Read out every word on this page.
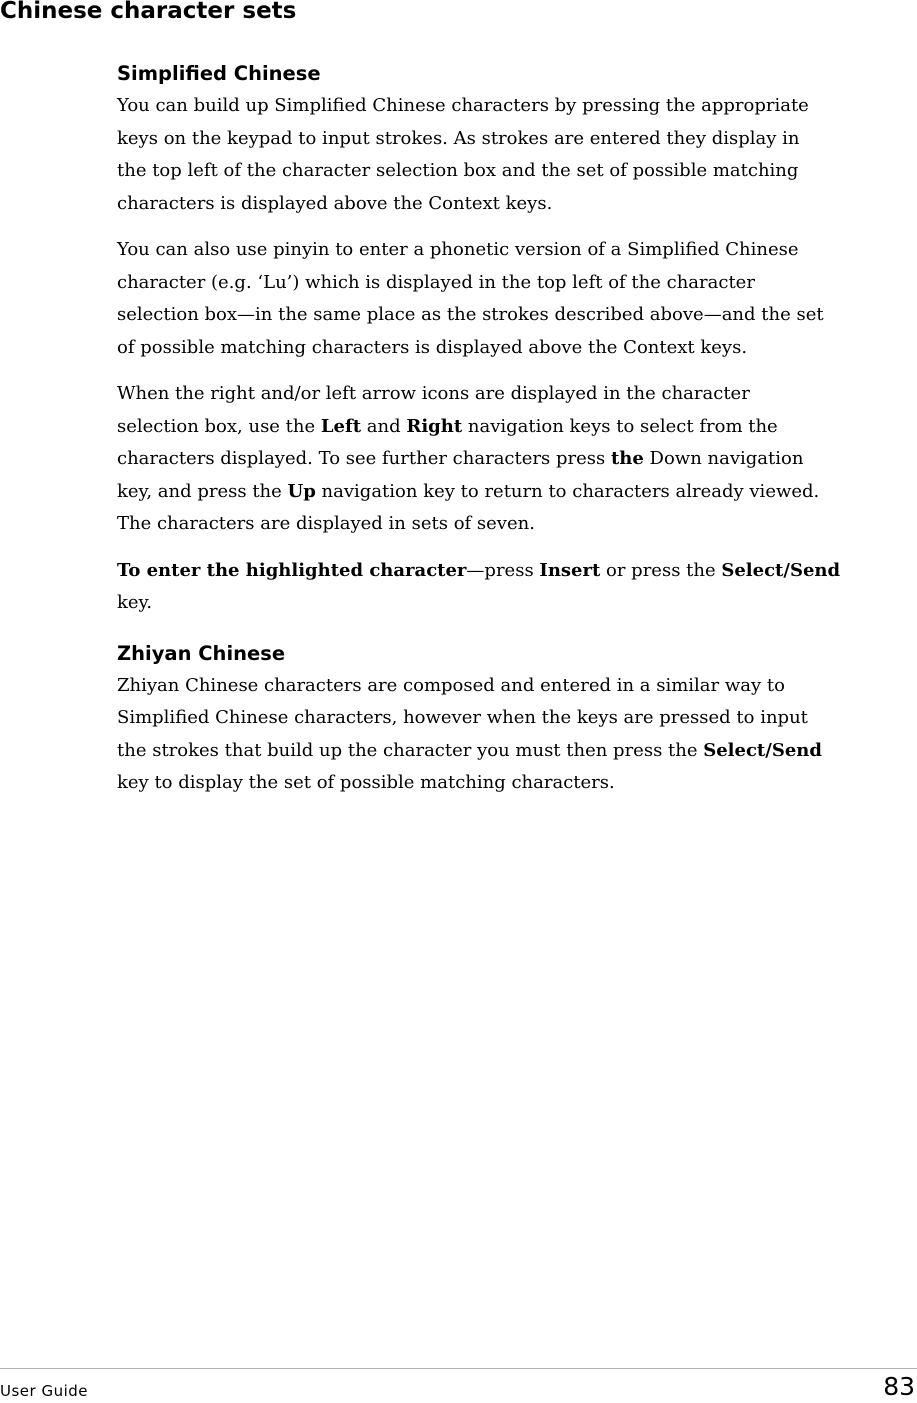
Chinese character sets
Simplified Chinese

You can build up Simplified Chinese characters by pressing the appropriate
keys on the keypad to input strokes. As strokes are entered they display in
the top left of the character selection box and the set of possible matching
characters is displayed above the Context keys.

You can also use pinyin to enter a phonetic version of a Simplified Chinese
character (e.g. ‘Lu’) which is displayed in the top left of the character
selection box—in the same place as the strokes described above—and the set
of possible matching characters is displayed above the Context keys.

When the right and/or left arrow icons are displayed in the character
selection box, use the Left and Right navigation keys to select from the
characters displayed. To see further characters press the Down navigation
key, and press the Up navigation key to return to characters already viewed.
The characters are displayed in sets of seven.

To enter the highlighted character—press Insert or press the Select/Send
key.

Zhiyan Chinese

Zhiyan Chinese characters are composed and entered in a similar way to
Simplified Chinese characters, however when the keys are pressed to input
the strokes that build up the character you must then press the Select/Send
key to display the set of possible matching characters.

User Guide	83
